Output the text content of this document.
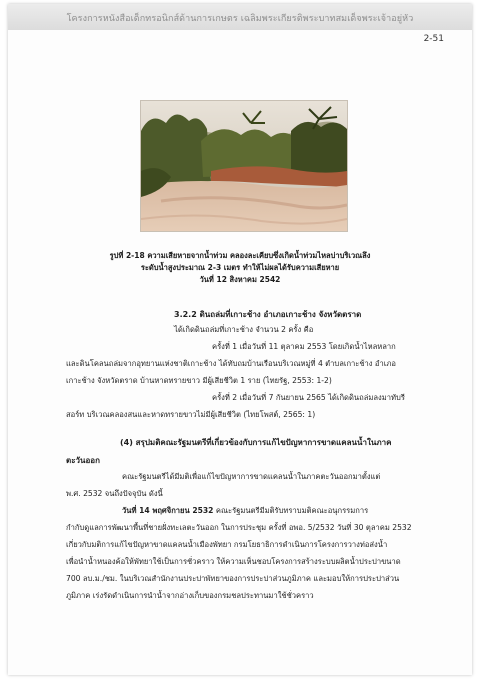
โครงการหนังสือเด็กทรอนิกส์ด้านการเกษตร เฉลิมพระเกียรติพระบาทสมเด็จพระเจ้าอยู่หัว
2-51
รูปที่ 2-18 ความเสียหายจากน้ำท่วม คลองละเคียบซึ่งเกิดน้ำท่วมไหลบ่าบริเวณลึง
ระดับน้ำสูงประมาณ 2-3 เมตร ทำให้ไม่ผลได้รับความเสียหาย
วันที่ 12 สิงหาคม 2542
3.2.2 ดินถล่มที่เกาะช้าง อำเภอเกาะช้าง จังหวัดตราด
ได้เกิดดินถล่มที่เกาะช้าง จำนวน 2 ครั้ง คือ
ครั้งที่ 1 เมื่อวันที่ 11 ตุลาคม 2553 โดยเกิดน้ำไหลหลาก
และดินโคลนถล่มจากอุทยานแห่งชาติเกาะช้าง ได้ทับถมบ้านเรือนบริเวณหมู่ที่ 4 ตำบลเกาะช้าง อำเภอ
เกาะช้าง จังหวัดตราด บ้านหาดทรายขาว มีผู้เสียชีวิต 1 ราย (ไทยรัฐ, 2553: 1-2)
ครั้งที่ 2 เมื่อวันที่ 7 กันยายน 2565 ได้เกิดดินถล่มลงมาทับรี
สอร์ท บริเวณคลองสนและหาดทรายขาวไม่มีผู้เสียชีวิต (ไทยโพสต์, 2565: 1)
(4) สรุปมติคณะรัฐมนตรีที่เกี่ยวข้องกับการแก้ไขปัญหาการขาดแคลนน้ำในภาค
ตะวันออก
คณะรัฐมนตรีได้มีมติเพื่อแก้ไขปัญหาการขาดแคลนน้ำในภาคตะวันออกมาตั้งแต่
พ.ศ. 2532 จนถึงปัจจุบัน ดังนี้
วันที่ 14 พฤศจิกายน 2532 คณะรัฐมนตรีมีมติรับทราบมติคณะอนุกรรมการ
กำกับดูแลการพัฒนาพื้นที่ชายฝั่งทะเลตะวันออก ในการประชุม ครั้งที่ อพอ. 5/2532 วันที่ 30 ตุลาคม 2532
เกี่ยวกับมติการแก้ไขปัญหาขาดแคลนน้ำเมืองพัทยา กรมโยธาธิการดำเนินการโครงการวางท่อส่งน้ำ
เพื่อนำน้ำหนองค้อให้พัทยาใช้เป็นการชั่วคราว ให้ความเห็นชอบโครงการสร้างระบบผลิตน้ำประปาขนาด
700 ลบ.ม./ชม. ในบริเวณสำนักงานประปาพัทยาของการประปาส่วนภูมิภาค และมอบให้การประปาส่วน
ภูมิภาค เร่งรัดดำเนินการนำน้ำจากอ่างเก็บของกรมชลประทานมาใช้ชั่วคราว
